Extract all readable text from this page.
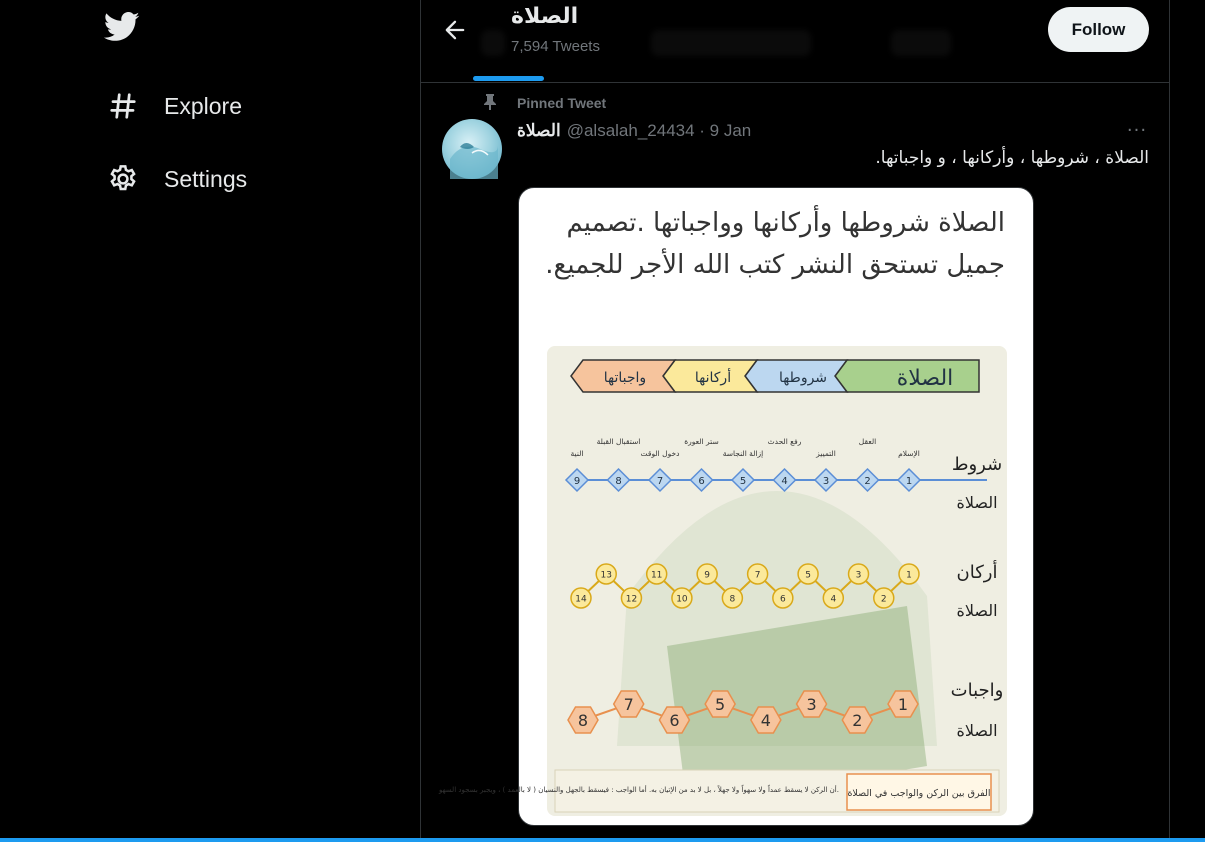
Explore
Settings
الصلاة
7,594 Tweets
Follow
Pinned Tweet
الصلاة @alsalah_24434 · 9 Jan	···
الصلاة ، شروطها ، وأركانها ، و واجباتها.
الصلاة شروطها وأركانها وواجباتها .تصميم جميل تستحق النشر كتب الله الأجر للجميع.
الصلاة
شروطها
أركانها
واجباتها
شروط
الصلاة
أركان
الصلاة
واجبات
الصلاة
1
الإسلام
2
العقل
3
التمييز
4
رفع الحدث
5
إزالة النجاسة
6
ستر العورة
7
دخول الوقت
8
استقبال القبلة
9
النية
1
2
3
4
5
6
7
8
9
10
11
12
13
14
1
2
3
4
5
6
7
8
الفرق بين الركن والواجب في الصلاة
أن الركن لا يسقط عمداً ولا سهواً ولا جهلاً ، بل لا بد من الإتيان به. أما الواجب : فيسقط بالجهل والنسيان ( لا بالعمد ) ، ويجبر بسجود السهو.
